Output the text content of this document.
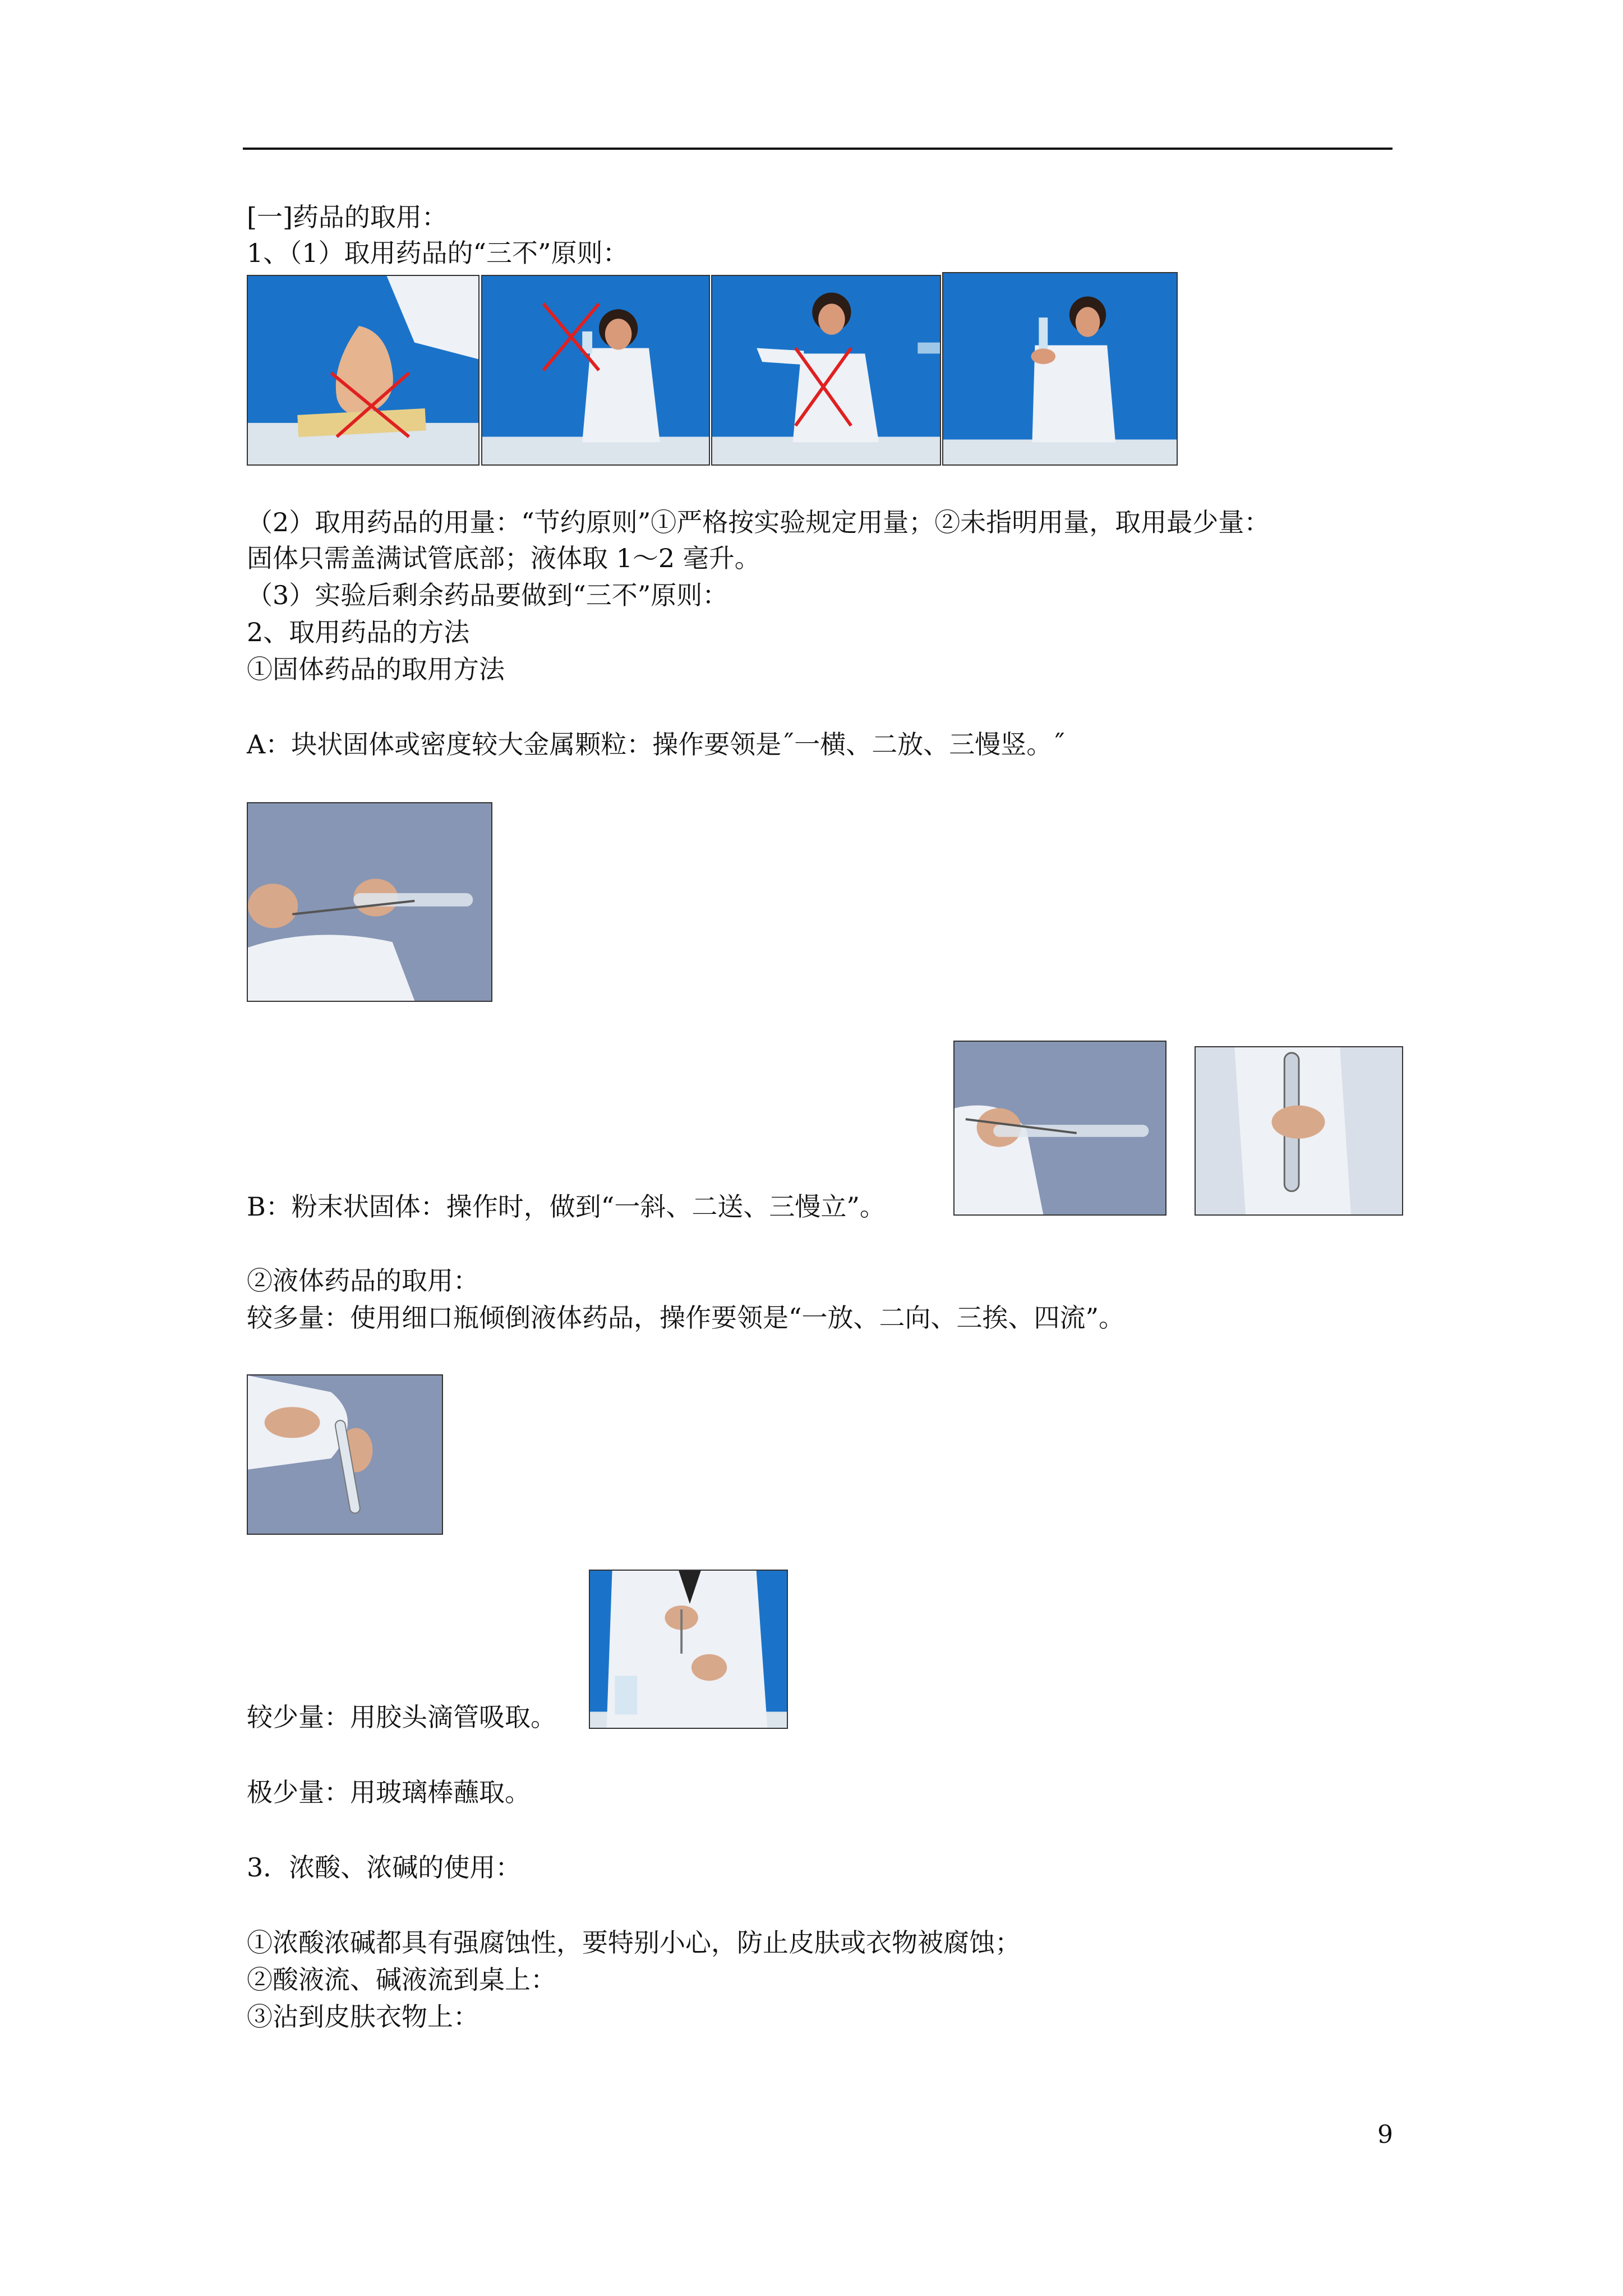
[一]药品的取用：
1、（1）取用药品的“三不”原则：
（2）取用药品的用量：“节约原则”①严格按实验规定用量；②未指明用量，取用最少量：
固体只需盖满试管底部；液体取 1～2 毫升。
（3）实验后剩余药品要做到“三不”原则：
2、取用药品的方法
①固体药品的取用方法
A：块状固体或密度较大金属颗粒：操作要领是˝一横、二放、三慢竖。˝
B：粉末状固体：操作时，做到“一斜、二送、三慢立”。
②液体药品的取用：
较多量：使用细口瓶倾倒液体药品，操作要领是“一放、二向、三挨、四流”。
较少量：用胶头滴管吸取。
极少量：用玻璃棒蘸取。
3．浓酸、浓碱的使用：
①浓酸浓碱都具有强腐蚀性，要特别小心，防止皮肤或衣物被腐蚀；
②酸液流、碱液流到桌上：
③沾到皮肤衣物上：
9
